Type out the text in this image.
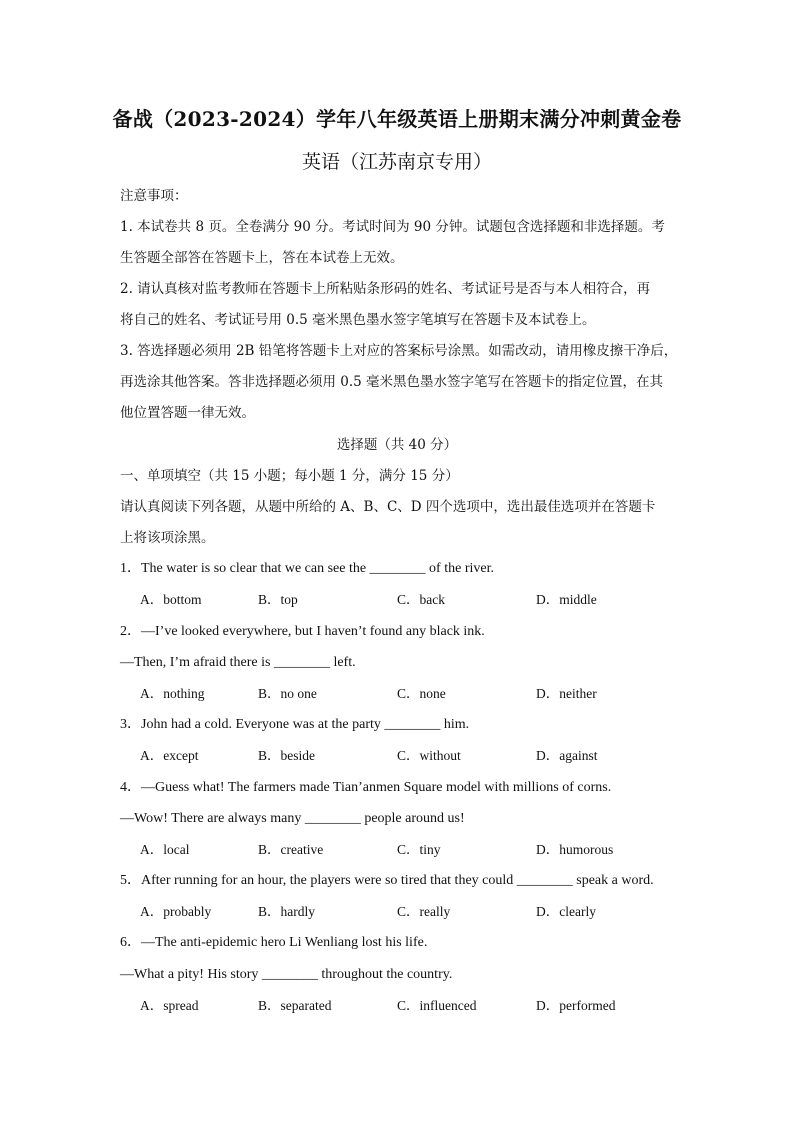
备战（2023-2024）学年八年级英语上册期末满分冲刺黄金卷
英语（江苏南京专用）
注意事项：
1. 本试卷共 8 页。全卷满分 90 分。考试时间为 90 分钟。试题包含选择题和非选择题。考
生答题全部答在答题卡上，答在本试卷上无效。
2. 请认真核对监考教师在答题卡上所粘贴条形码的姓名、考试证号是否与本人相符合，再
将自己的姓名、考试证号用 0.5 毫米黑色墨水签字笔填写在答题卡及本试卷上。
3. 答选择题必须用 2B 铅笔将答题卡上对应的答案标号涂黑。如需改动，请用橡皮擦干净后，
再选涂其他答案。答非选择题必须用 0.5 毫米黑色墨水签字笔写在答题卡的指定位置，在其
他位置答题一律无效。
选择题（共 40 分）
一、单项填空（共 15 小题；每小题 1 分，满分 15 分）
请认真阅读下列各题，从题中所给的 A、B、C、D 四个选项中，选出最佳选项并在答题卡
上将该项涂黑。
1．The water is so clear that we can see the ________ of the river.
A．bottom	B．top	C．back	D．middle
2．—I’ve looked everywhere, but I haven’t found any black ink.
—Then, I’m afraid there is ________ left.
A．nothing	B．no one	C．none	D．neither
3．John had a cold. Everyone was at the party ________ him.
A．except	B．beside	C．without	D．against
4．—Guess what! The farmers made Tian’anmen Square model with millions of corns.
—Wow! There are always many ________ people around us!
A．local	B．creative	C．tiny	D．humorous
5．After running for an hour, the players were so tired that they could ________ speak a word.
A．probably	B．hardly	C．really	D．clearly
6．—The anti-epidemic hero Li Wenliang lost his life.
—What a pity! His story ________ throughout the country.
A．spread	B．separated	C．influenced	D．performed
